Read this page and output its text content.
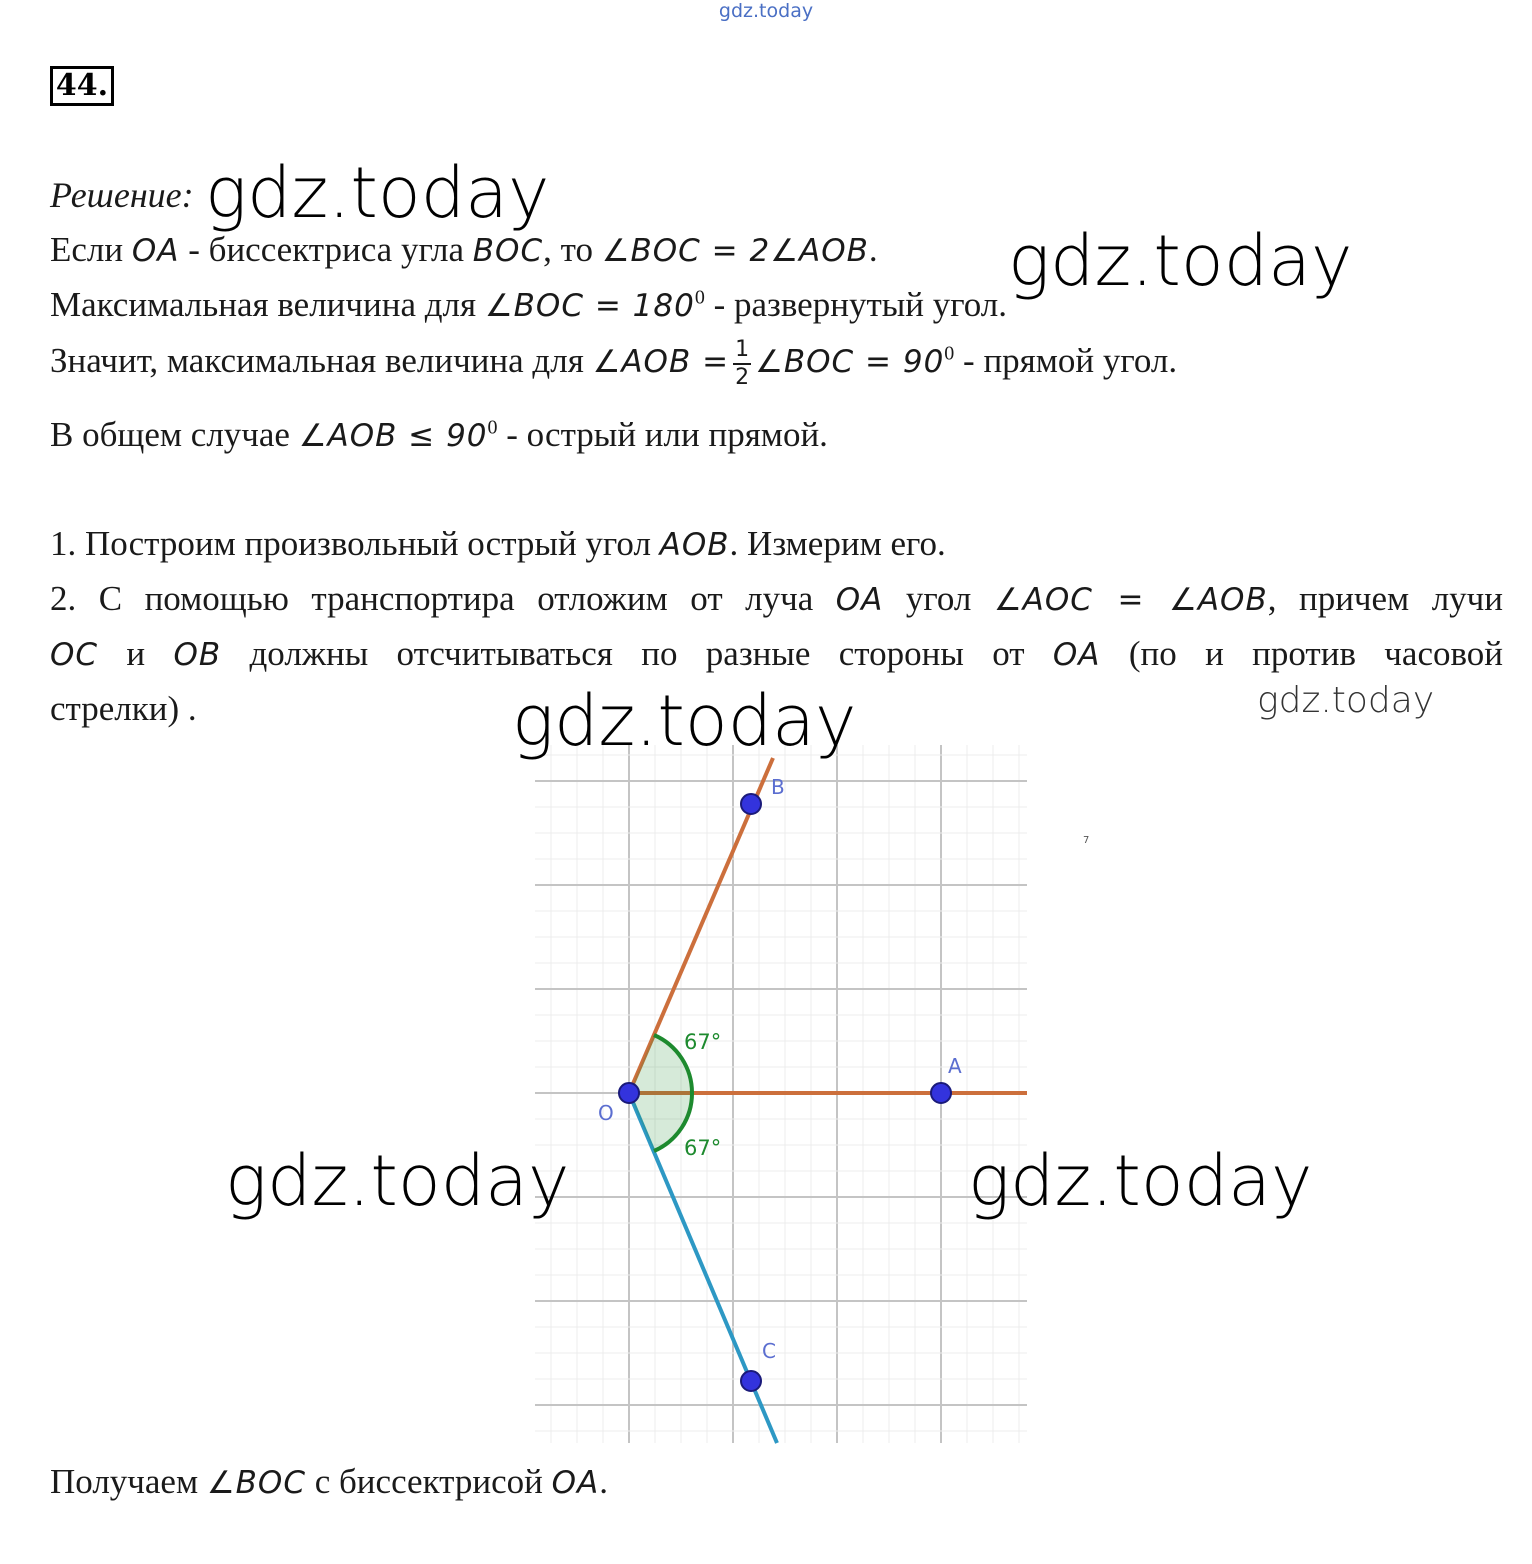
gdz.today
44.
Решение:
Если OA - биссектриса угла BOC, то ∠BOC = 2∠AOB.
Максимальная величина для ∠BOC = $180^0$ - развернутый угол.
Значит, максимальная величина для ∠AOB = $\frac{1}{2}$ ∠BOC = $90^0$ - прямой угол.
В общем случае ∠AOB ≤ $90^0$ - острый или прямой.
1. Построим произвольный острый угол AOB. Измерим его.
2. С помощью транспортира отложим от луча OA угол ∠AOC = ∠AOB, причем лучи
OC и OB должны отсчитываться по разные стороны от OA (по и против часовой
стрелки) .
B
A
C
O
67°
67°
7
gdz.today
gdz.today
gdz.today
gdz.today
gdz.today	gdz.today
Получаем ∠BOC с биссектрисой OA.
